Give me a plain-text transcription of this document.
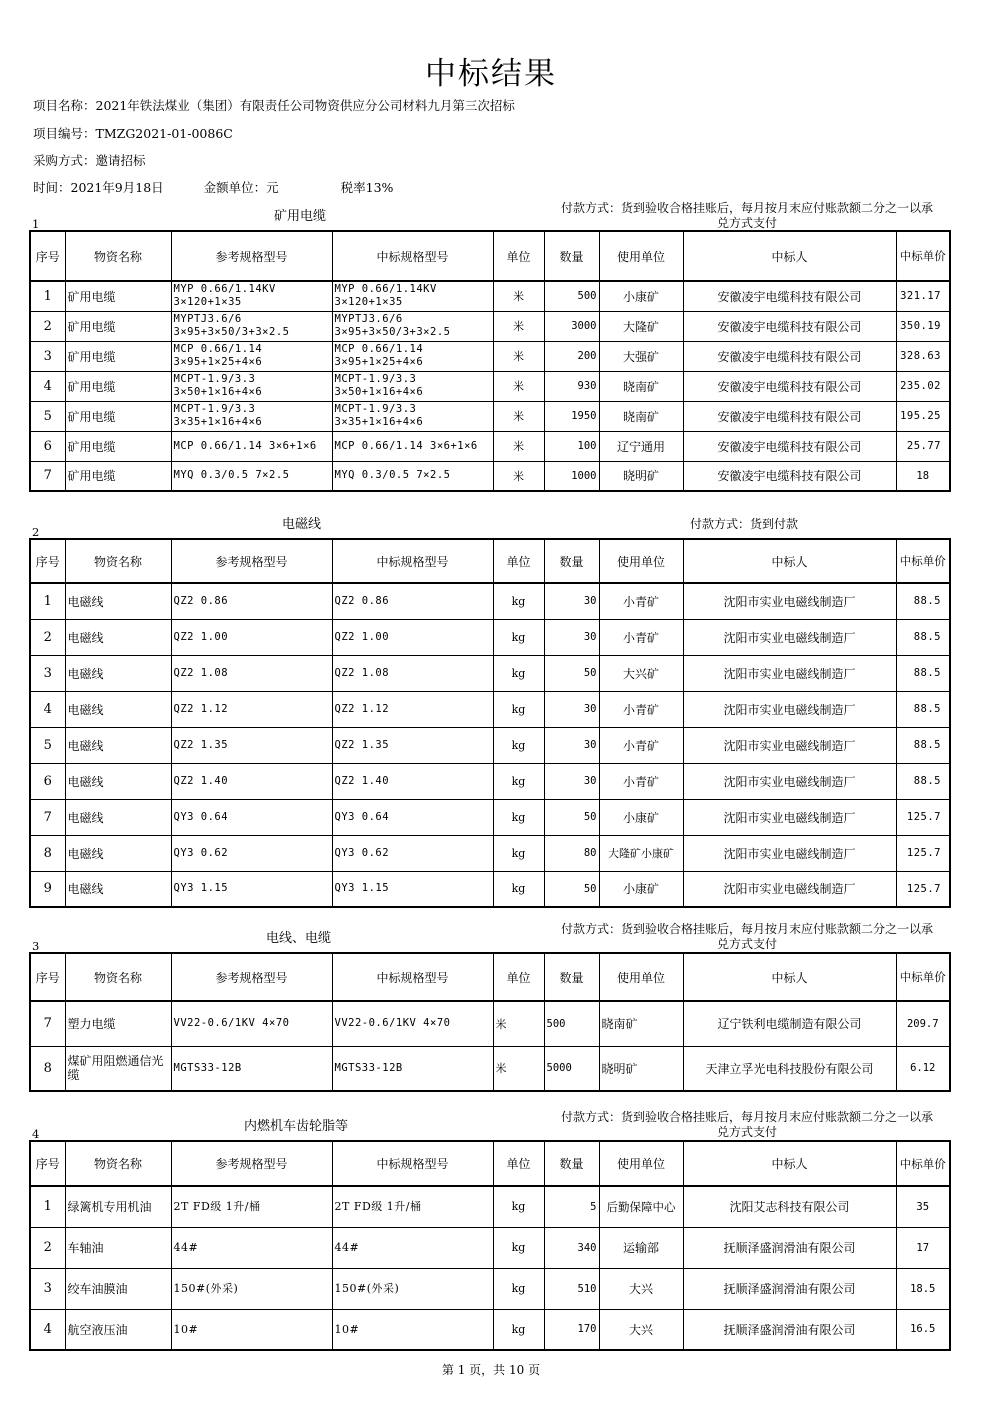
中标结果
项目名称：2021年铁法煤业（集团）有限责任公司物资供应分公司材料九月第三次招标
项目编号：TMZG2021-01-0086C
采购方式：邀请招标
时间：2021年9月18日	金额单位：元	税率13%
1	矿用电缆
付款方式：货到验收合格挂账后，每月按月末应付账款额二分之一以承
兑方式支付
序号	物资名称	参考规格型号	中标规格型号	单位	数量	使用单位	中标人	中标单价
1	矿用电缆	MYP 0.66/1.14KV 3×120+1×35	MYP 0.66/1.14KV 3×120+1×35	米	500	小康矿	安徽凌宇电缆科技有限公司	321.17
2	矿用电缆	MYPTJ3.6/6 3×95+3×50/3+3×2.5	MYPTJ3.6/6 3×95+3×50/3+3×2.5	米	3000	大隆矿	安徽凌宇电缆科技有限公司	350.19
3	矿用电缆	MCP 0.66/1.14 3×95+1×25+4×6	MCP 0.66/1.14 3×95+1×25+4×6	米	200	大强矿	安徽凌宇电缆科技有限公司	328.63
4	矿用电缆	MCPT-1.9/3.3 3×50+1×16+4×6	MCPT-1.9/3.3 3×50+1×16+4×6	米	930	晓南矿	安徽凌宇电缆科技有限公司	235.02
5	矿用电缆	MCPT-1.9/3.3 3×35+1×16+4×6	MCPT-1.9/3.3 3×35+1×16+4×6	米	1950	晓南矿	安徽凌宇电缆科技有限公司	195.25
6	矿用电缆	MCP 0.66/1.14 3×6+1×6	MCP 0.66/1.14 3×6+1×6	米	100	辽宁通用	安徽凌宇电缆科技有限公司	25.77
7	矿用电缆	MYQ 0.3/0.5 7×2.5	MYQ 0.3/0.5 7×2.5	米	1000	晓明矿	安徽凌宇电缆科技有限公司	18
2	电磁线	付款方式：货到付款
序号	物资名称	参考规格型号	中标规格型号	单位	数量	使用单位	中标人	中标单价
1	电磁线	QZ2 0.86	QZ2 0.86	kg	30	小青矿	沈阳市实业电磁线制造厂	88.5
2	电磁线	QZ2 1.00	QZ2 1.00	kg	30	小青矿	沈阳市实业电磁线制造厂	88.5
3	电磁线	QZ2 1.08	QZ2 1.08	kg	50	大兴矿	沈阳市实业电磁线制造厂	88.5
4	电磁线	QZ2 1.12	QZ2 1.12	kg	30	小青矿	沈阳市实业电磁线制造厂	88.5
5	电磁线	QZ2 1.35	QZ2 1.35	kg	30	小青矿	沈阳市实业电磁线制造厂	88.5
6	电磁线	QZ2 1.40	QZ2 1.40	kg	30	小青矿	沈阳市实业电磁线制造厂	88.5
7	电磁线	QY3 0.64	QY3 0.64	kg	50	小康矿	沈阳市实业电磁线制造厂	125.7
8	电磁线	QY3 0.62	QY3 0.62	kg	80	大隆矿小康矿	沈阳市实业电磁线制造厂	125.7
9	电磁线	QY3 1.15	QY3 1.15	kg	50	小康矿	沈阳市实业电磁线制造厂	125.7
3	电线、电缆
付款方式：货到验收合格挂账后，每月按月末应付账款额二分之一以承
兑方式支付
序号	物资名称	参考规格型号	中标规格型号	单位	数量	使用单位	中标人	中标单价
7	塑力电缆	VV22-0.6/1KV 4×70	VV22-0.6/1KV 4×70	米	500	晓南矿	辽宁铁利电缆制造有限公司	209.7
8	煤矿用阻燃通信光缆	MGTS33-12B	MGTS33-12B	米	5000	晓明矿	天津立孚光电科技股份有限公司	6.12
4	内燃机车齿轮脂等
付款方式：货到验收合格挂账后，每月按月末应付账款额二分之一以承
兑方式支付
序号	物资名称	参考规格型号	中标规格型号	单位	数量	使用单位	中标人	中标单价
1	绿篱机专用机油	2T FD级 1升/桶	2T FD级 1升/桶	kg	5	后勤保障中心	沈阳艾志科技有限公司	35
2	车轴油	44#	44#	kg	340	运输部	抚顺泽盛润滑油有限公司	17
3	绞车油膜油	150#(外采)	150#(外采)	kg	510	大兴	抚顺泽盛润滑油有限公司	18.5
4	航空液压油	10#	10#	kg	170	大兴	抚顺泽盛润滑油有限公司	16.5
第 1 页，共 10 页
